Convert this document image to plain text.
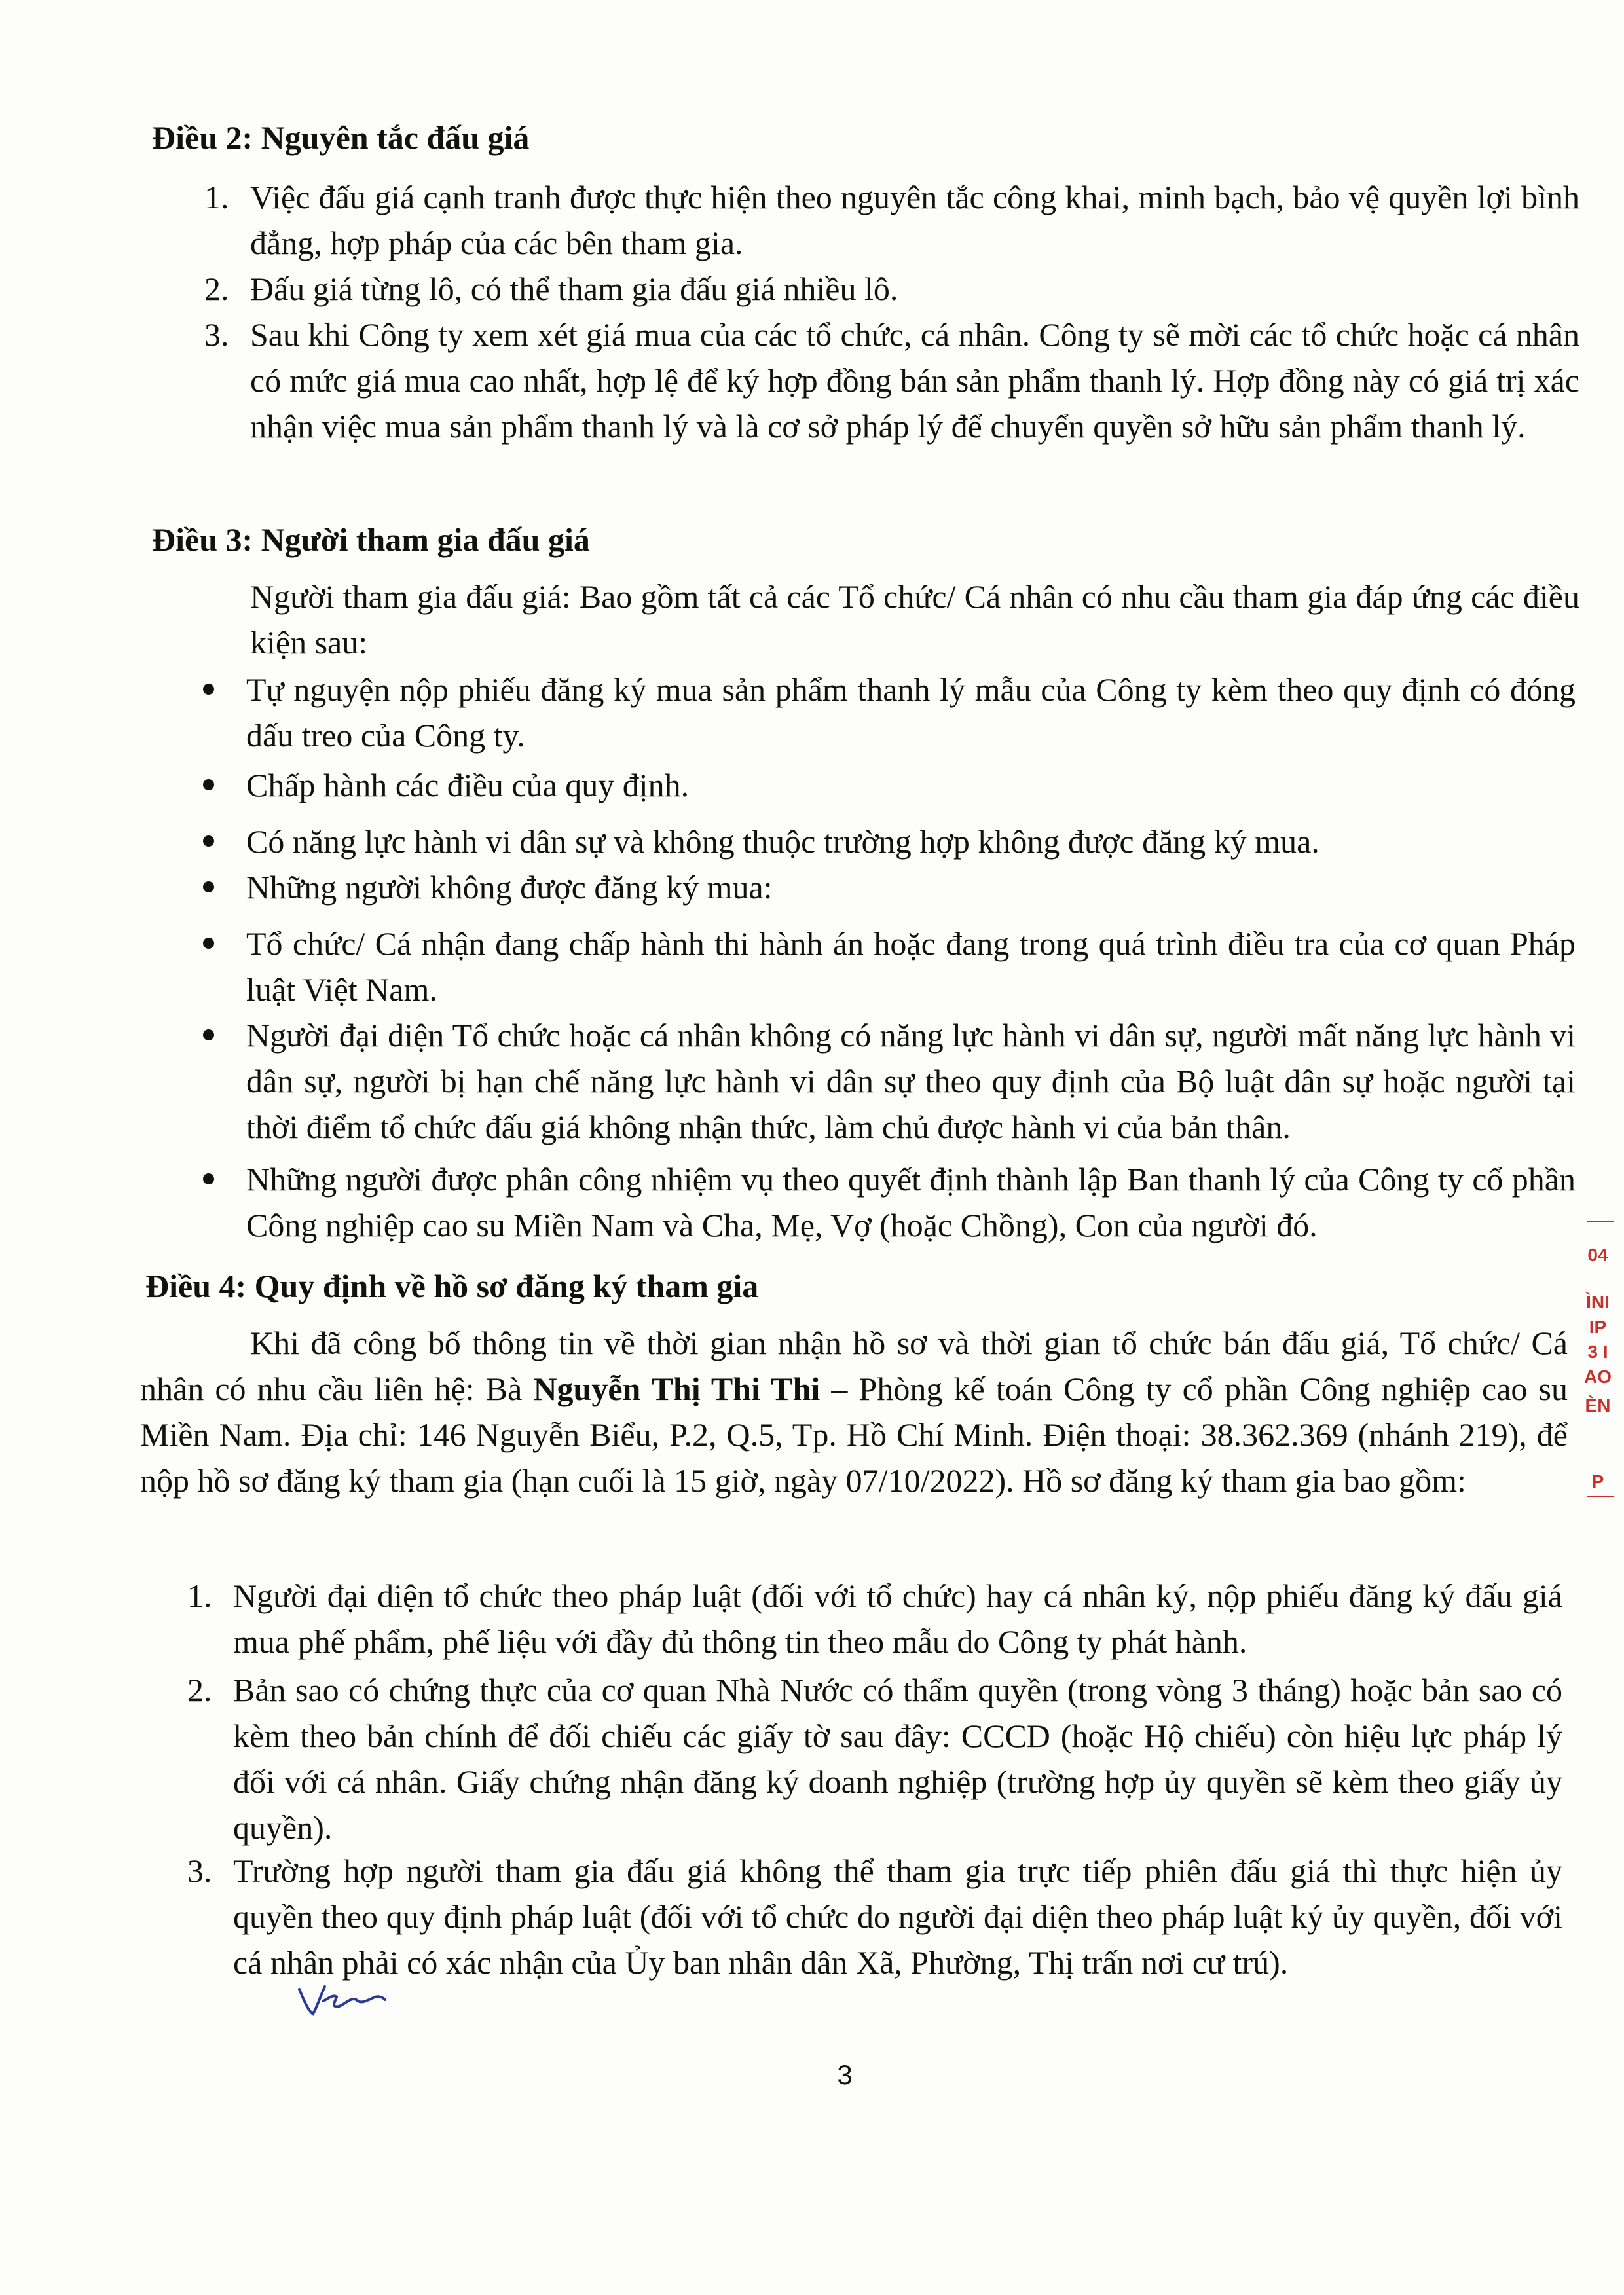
Điều 2: Nguyên tắc đấu giá
1. Việc đấu giá cạnh tranh được thực hiện theo nguyên tắc công khai, minh bạch, bảo vệ quyền lợi bình đẳng, hợp pháp của các bên tham gia.
2. Đấu giá từng lô, có thể tham gia đấu giá nhiều lô.
3. Sau khi Công ty xem xét giá mua của các tổ chức, cá nhân. Công ty sẽ mời các tổ chức hoặc cá nhân có mức giá mua cao nhất, hợp lệ để ký hợp đồng bán sản phẩm thanh lý. Hợp đồng này có giá trị xác nhận việc mua sản phẩm thanh lý và là cơ sở pháp lý để chuyển quyền sở hữu sản phẩm thanh lý.
Điều 3: Người tham gia đấu giá
Người tham gia đấu giá: Bao gồm tất cả các Tổ chức/ Cá nhân có nhu cầu tham gia đáp ứng các điều kiện sau:
Tự nguyện nộp phiếu đăng ký mua sản phẩm thanh lý mẫu của Công ty kèm theo quy định có đóng dấu treo của Công ty.
Chấp hành các điều của quy định.
Có năng lực hành vi dân sự và không thuộc trường hợp không được đăng ký mua.
Những người không được đăng ký mua:
Tổ chức/ Cá nhận đang chấp hành thi hành án hoặc đang trong quá trình điều tra của cơ quan Pháp luật Việt Nam.
Người đại diện Tổ chức hoặc cá nhân không có năng lực hành vi dân sự, người mất năng lực hành vi dân sự, người bị hạn chế năng lực hành vi dân sự theo quy định của Bộ luật dân sự hoặc người tại thời điểm tổ chức đấu giá không nhận thức, làm chủ được hành vi của bản thân.
Những người được phân công nhiệm vụ theo quyết định thành lập Ban thanh lý của Công ty cổ phần Công nghiệp cao su Miền Nam và Cha, Mẹ, Vợ (hoặc Chồng), Con của người đó.
Điều 4: Quy định về hồ sơ đăng ký tham gia
Khi đã công bố thông tin về thời gian nhận hồ sơ và thời gian tổ chức bán đấu giá, Tổ chức/ Cá nhân có nhu cầu liên hệ: Bà Nguyễn Thị Thi Thi – Phòng kế toán Công ty cổ phần Công nghiệp cao su Miền Nam. Địa chỉ: 146 Nguyễn Biểu, P.2, Q.5, Tp. Hồ Chí Minh. Điện thoại: 38.362.369 (nhánh 219), để nộp hồ sơ đăng ký tham gia (hạn cuối là 15 giờ, ngày 07/10/2022). Hồ sơ đăng ký tham gia bao gồm:
1. Người đại diện tổ chức theo pháp luật (đối với tổ chức) hay cá nhân ký, nộp phiếu đăng ký đấu giá mua phế phẩm, phế liệu với đầy đủ thông tin theo mẫu do Công ty phát hành.
2. Bản sao có chứng thực của cơ quan Nhà Nước có thẩm quyền (trong vòng 3 tháng) hoặc bản sao có kèm theo bản chính để đối chiếu các giấy tờ sau đây: CCCD (hoặc Hộ chiếu) còn hiệu lực pháp lý đối với cá nhân. Giấy chứng nhận đăng ký doanh nghiệp (trường hợp ủy quyền sẽ kèm theo giấy ủy quyền).
3. Trường hợp người tham gia đấu giá không thể tham gia trực tiếp phiên đấu giá thì thực hiện ủy quyền theo quy định pháp luật (đối với tổ chức do người đại diện theo pháp luật ký ủy quyền, đối với cá nhân phải có xác nhận của Ủy ban nhân dân Xã, Phường, Thị trấn nơi cư trú).
04
ÌNI
IP
3 I
AO
ÈN
P
3
